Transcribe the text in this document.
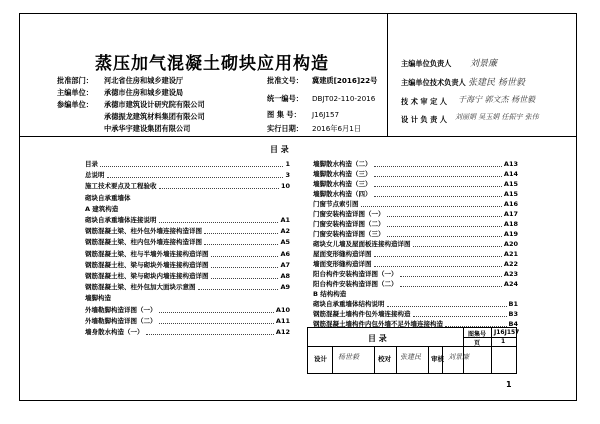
蒸压加气混凝土砌块应用构造
批准部门： 河北省住房和城乡建设厅
主编单位： 承德市住房和城乡建设局
参编单位： 承德市建筑设计研究院有限公司
承德振龙建筑材料集团有限公司
中承华宇建设集团有限公司
批准文号： 冀建质[2016]22号
统一编号： DBJT02-110-2016
图 集 号： J16J157
实行日期： 2016年6月1日
主编单位负责人 刘景廉
主编单位技术负责人 张建民 杨世毅
技 术 审 定 人 于海宁 郭文杰 杨世毅
设 计 负 责 人 刘丽娟 吴玉娟 任振宇 张伟
目 录
目录	1
总说明	3
施工技术要点及工程验收	10
砌块自承重墙体
A 建筑构造
砌块自承重墙体连接说明	A1
钢筋混凝土梁、柱外包外墙连接构造详图	A2
钢筋混凝土梁、柱内包外墙连接构造详图	A5
钢筋混凝土梁、柱与半墙外墙连接构造详图	A6
钢筋混凝土柱、梁与砌块外墙连接构造详图	A7
钢筋混凝土柱、梁与砌块内墙连接构造详图	A8
钢筋混凝土梁、柱外包加大面块示意图	A9
墙脚构造
外墙勒脚构造详图（一）	A10
外墙勒脚构造详图（二）	A11
墙身散水构造（一）	A12
墙脚散水构造（二）	A13
墙脚散水构造（三）	A14
墙脚散水构造（三）	A15
墙脚散水构造（四）	A15
门窗节点索引图	A16
门窗安装构造详图（一）	A17
门窗安装构造详图（二）	A18
门窗安装构造详图（三）	A19
砌块女儿墙及屋面板连接构造详图	A20
屋面变形缝构造详图	A21
墙面变形缝构造详图	A22
阳台构件安装构造详图（一）	A23
阳台构件安装构造详图（二）	A24
B 结构构造
砌块自承重墙体结构说明	B1
钢筋混凝土墙构件包外墙连接构造	B3
钢筋混凝土墙构件内包外墙不足外墙连接构造	B4
目 录	图集号 J16J157
页	1
设计 杨世毅	校对 张建民 审核 刘景廉
1
